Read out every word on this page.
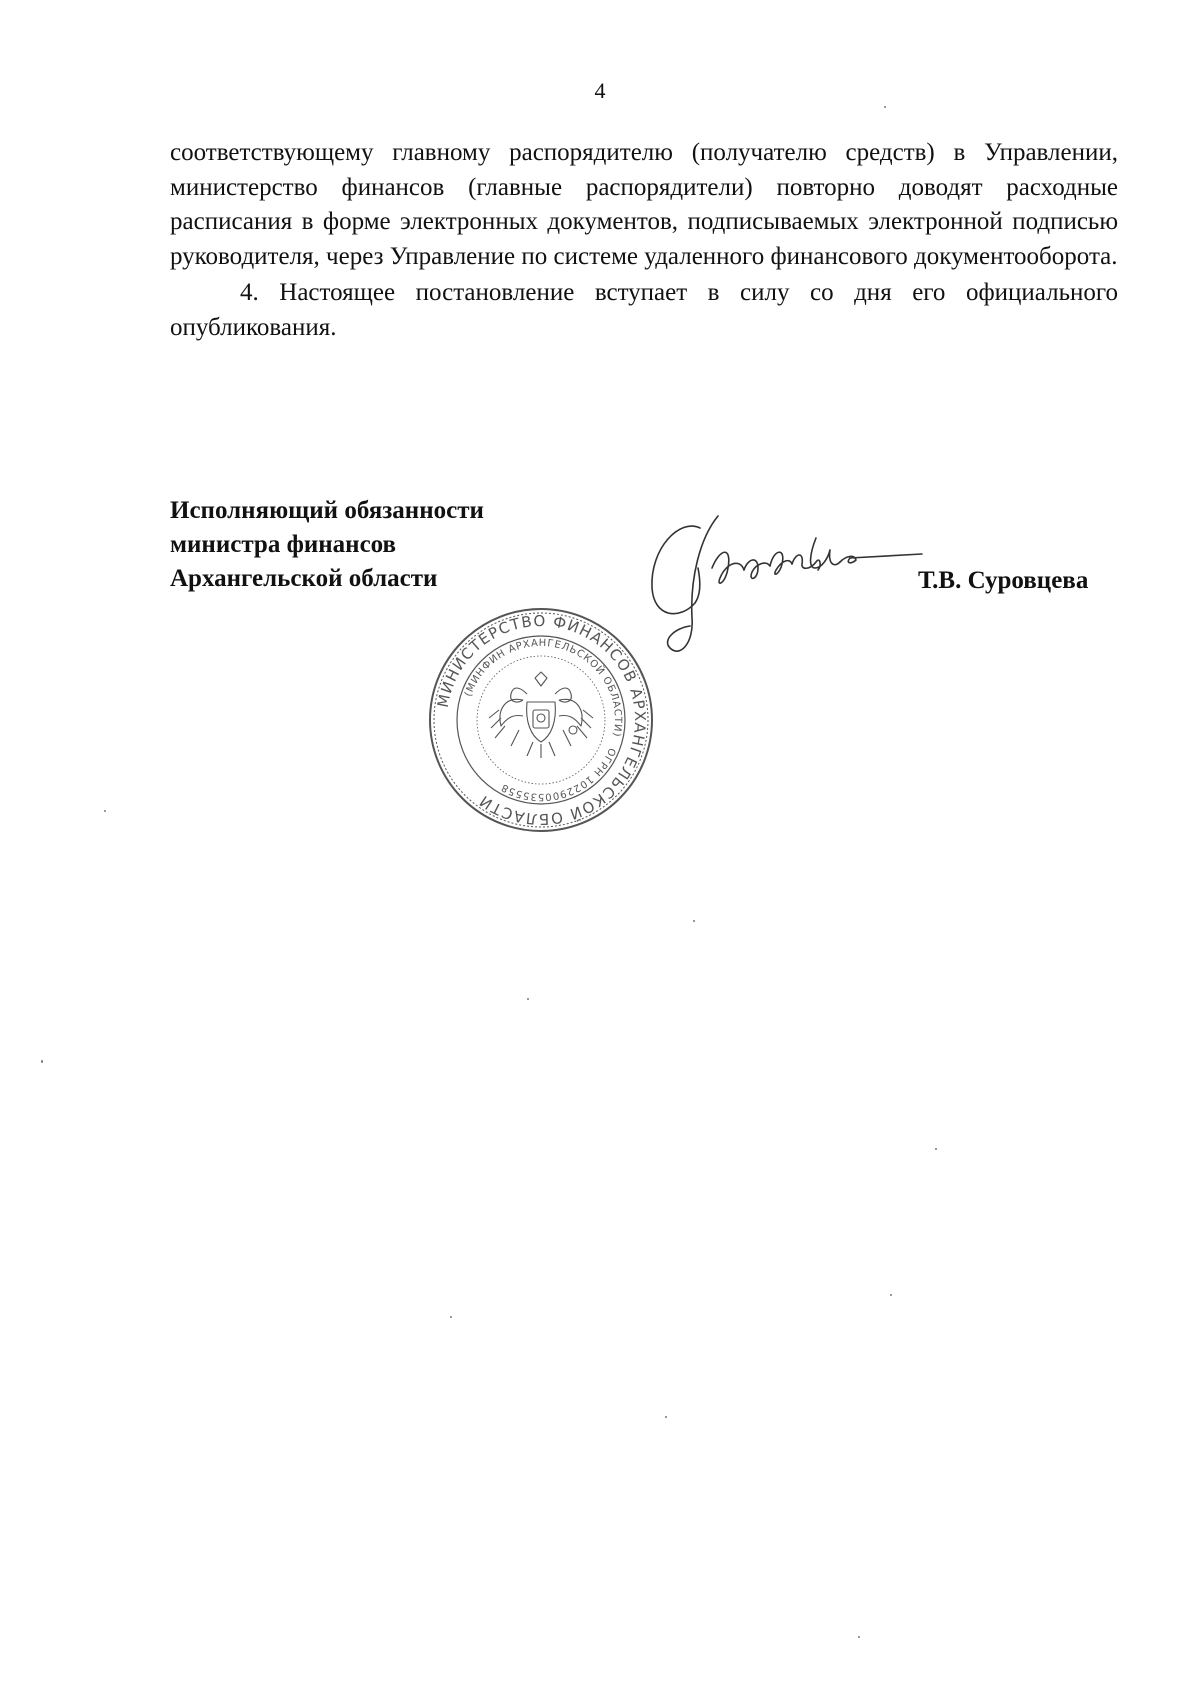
4

соответствующему главному распорядителю (получателю средств) в Управлении, министерство финансов (главные распорядители) повторно доводят расходные расписания в форме электронных документов, подписываемых электронной подписью руководителя, через Управление по системе удаленного финансового документооборота.

4. Настоящее постановление вступает в силу со дня его официального опубликования.

Исполняющий обязанности
министра финансов
Архангельской области	Т.В. Суровцева
МИНИСТЕРСТВО ФИНАНСОВ АРХАНГЕЛЬСКОЙ ОБЛАСТИ
(МИНФИН АРХАНГЕЛЬСКОЙ ОБЛАСТИ)
ОГРН 1022900535558
